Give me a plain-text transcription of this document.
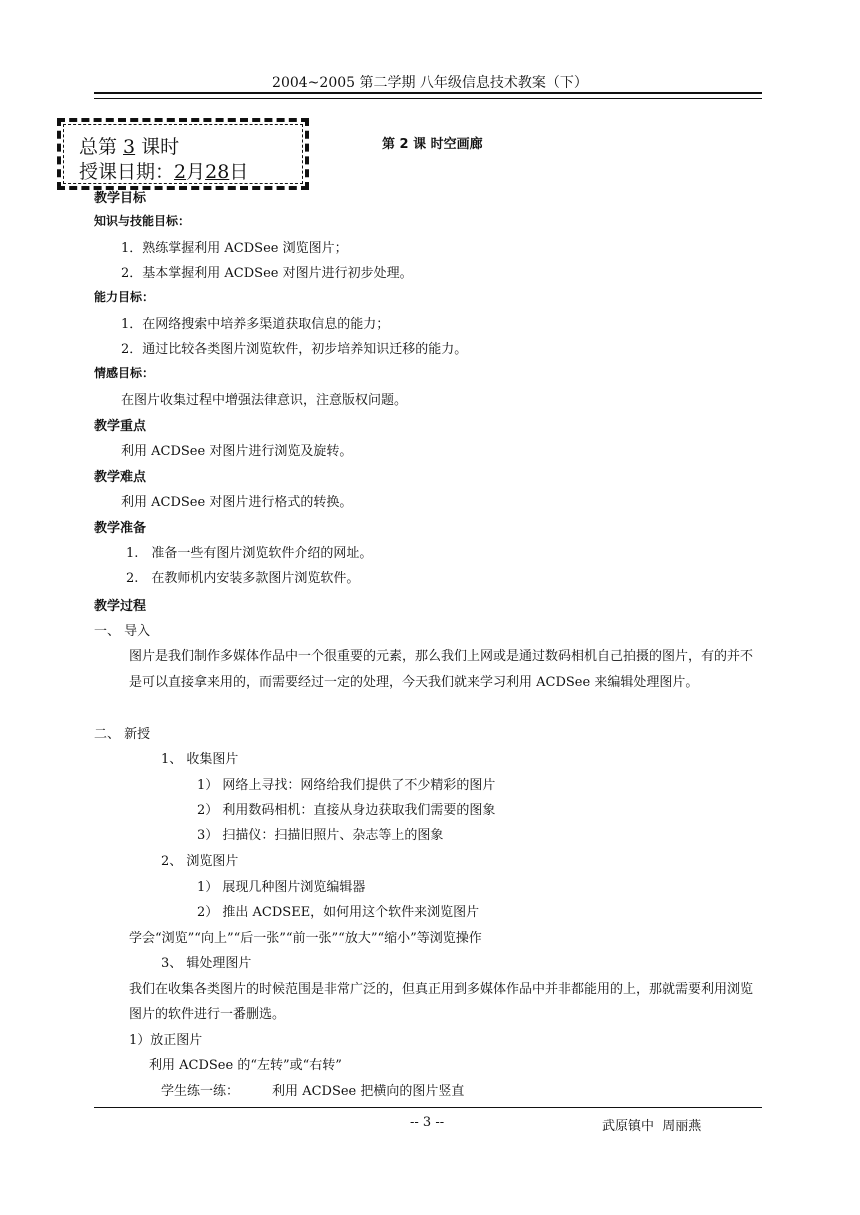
2004~2005 第二学期 八年级信息技术教案（下）
总第 3 课时
授课日期：2月28日
第 2 课 时空画廊
教学目标
知识与技能目标：
1．熟练掌握利用 ACDSee 浏览图片；
2．基本掌握利用 ACDSee 对图片进行初步处理。
能力目标：
1．在网络搜索中培养多渠道获取信息的能力；
2．通过比较各类图片浏览软件，初步培养知识迁移的能力。
情感目标：
在图片收集过程中增强法律意识，注意版权问题。
教学重点
利用 ACDSee 对图片进行浏览及旋转。
教学难点
利用 ACDSee 对图片进行格式的转换。
教学准备
1.　准备一些有图片浏览软件介绍的网址。
2.　在教师机内安装多款图片浏览软件。
教学过程
一、 导入
图片是我们制作多媒体作品中一个很重要的元素，那么我们上网或是通过数码相机自己拍摄的图片，有的并不
是可以直接拿来用的，而需要经过一定的处理，今天我们就来学习利用 ACDSee 来编辑处理图片。
二、 新授
1、 收集图片
1） 网络上寻找：网络给我们提供了不少精彩的图片
2） 利用数码相机：直接从身边获取我们需要的图象
3） 扫描仪：扫描旧照片、杂志等上的图象
2、 浏览图片
1） 展现几种图片浏览编辑器
2） 推出 ACDSEE，如何用这个软件来浏览图片
学会“浏览”“向上”“后一张”“前一张”“放大”“缩小”等浏览操作
3、 辑处理图片
我们在收集各类图片的时候范围是非常广泛的，但真正用到多媒体作品中并非都能用的上，那就需要利用浏览
图片的软件进行一番删选。
1）放正图片
利用 ACDSee 的“左转”或“右转”
学生练一练：        利用 ACDSee 把横向的图片竖直
-- 3 --	武原镇中  周丽燕
